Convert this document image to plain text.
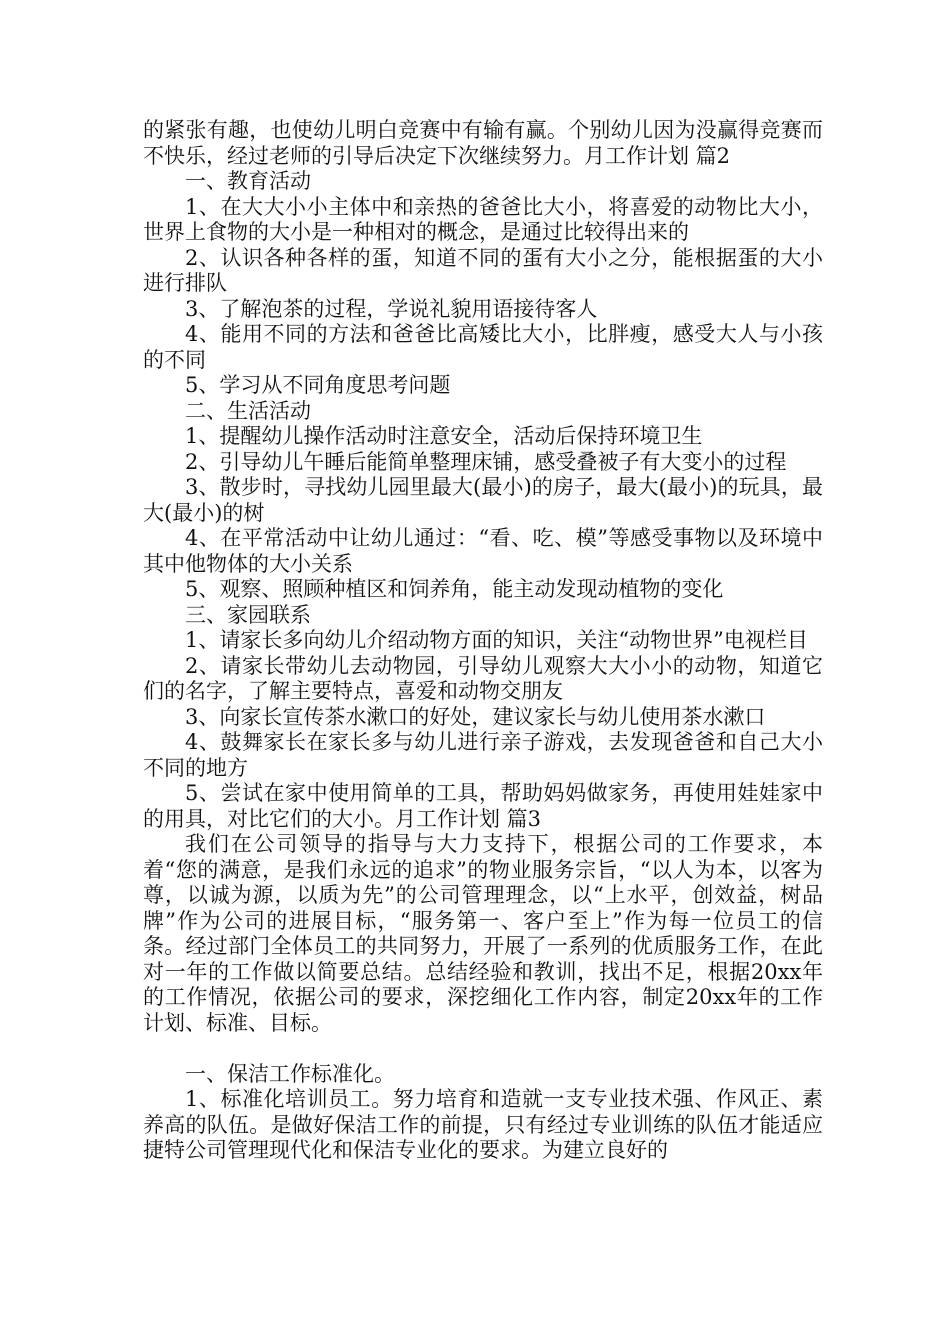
的紧张有趣，也使幼儿明白竞赛中有输有赢。个别幼儿因为没赢得竞赛而不快乐，经过老师的引导后决定下次继续努力。月工作计划 篇2

一、教育活动

1、在大大小小主体中和亲热的爸爸比大小，将喜爱的动物比大小，世界上食物的大小是一种相对的概念，是通过比较得出来的

2、认识各种各样的蛋，知道不同的蛋有大小之分，能根据蛋的大小进行排队

3、了解泡茶的过程，学说礼貌用语接待客人

4、能用不同的方法和爸爸比高矮比大小，比胖瘦，感受大人与小孩的不同

5、学习从不同角度思考问题

二、生活活动

1、提醒幼儿操作活动时注意安全，活动后保持环境卫生

2、引导幼儿午睡后能简单整理床铺，感受叠被子有大变小的过程

3、散步时，寻找幼儿园里最大(最小)的房子，最大(最小)的玩具，最大(最小)的树

4、在平常活动中让幼儿通过：“看、吃、模”等感受事物以及环境中其中他物体的大小关系

5、观察、照顾种植区和饲养角，能主动发现动植物的变化

三、家园联系

1、请家长多向幼儿介绍动物方面的知识，关注“动物世界”电视栏目

2、请家长带幼儿去动物园，引导幼儿观察大大小小的动物，知道它们的名字，了解主要特点，喜爱和动物交朋友

3、向家长宣传茶水漱口的好处，建议家长与幼儿使用茶水漱口

4、鼓舞家长在家长多与幼儿进行亲子游戏，去发现爸爸和自己大小不同的地方

5、尝试在家中使用简单的工具，帮助妈妈做家务，再使用娃娃家中的用具，对比它们的大小。月工作计划 篇3

我们在公司领导的指导与大力支持下，根据公司的工作要求，本着“您的满意，是我们永远的追求”的物业服务宗旨，“以人为本，以客为尊，以诚为源，以质为先”的公司管理理念，以“上水平，创效益，树品牌”作为公司的进展目标，“服务第一、客户至上”作为每一位员工的信条。经过部门全体员工的共同努力，开展了一系列的优质服务工作，在此对一年的工作做以简要总结。总结经验和教训，找出不足，根据20xx年的工作情况，依据公司的要求，深挖细化工作内容，制定20xx年的工作计划、标准、目标。

一、保洁工作标准化。

1、标准化培训员工。努力培育和造就一支专业技术强、作风正、素养高的队伍。是做好保洁工作的前提，只有经过专业训练的队伍才能适应捷特公司管理现代化和保洁专业化的要求。为建立良好的
